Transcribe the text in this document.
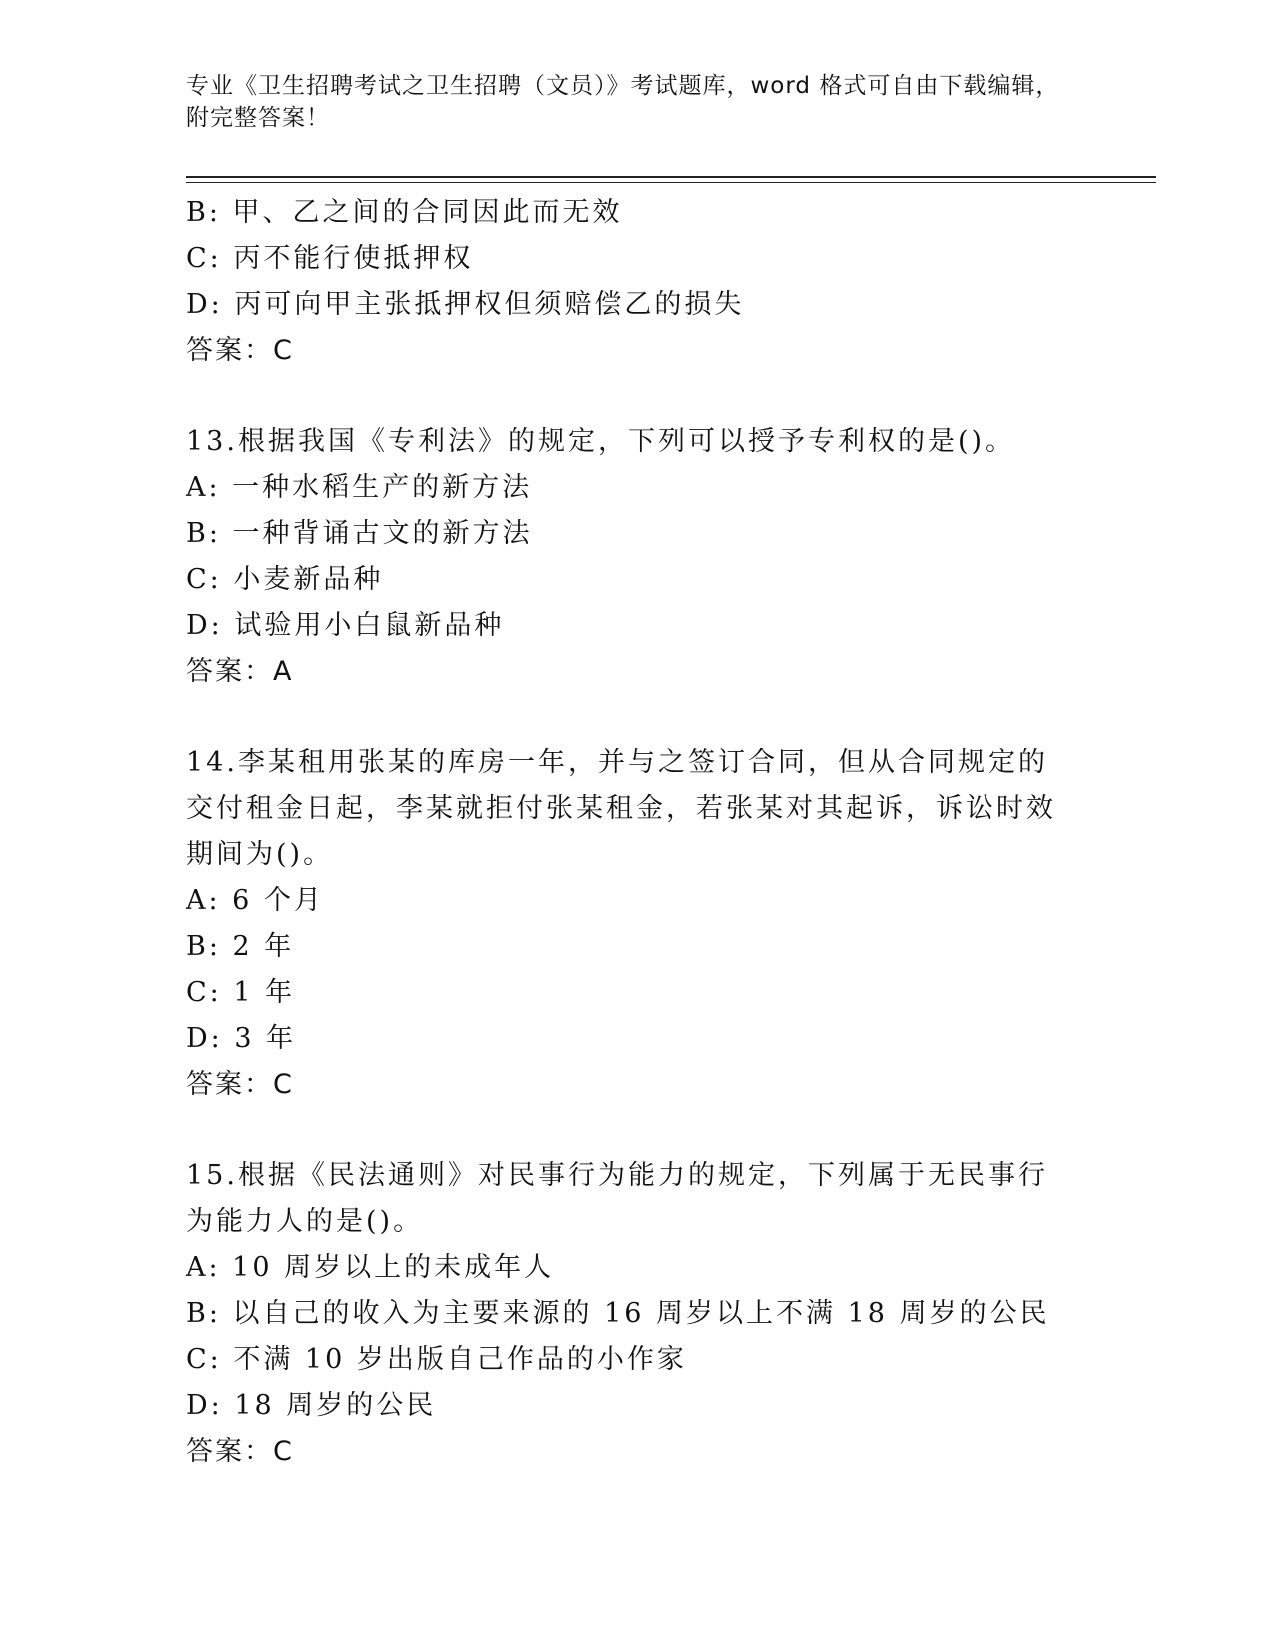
专业《卫生招聘考试之卫生招聘（文员）》考试题库，word 格式可自由下载编辑，附完整答案！
B: 甲、乙之间的合同因此而无效
C: 丙不能行使抵押权
D: 丙可向甲主张抵押权但须赔偿乙的损失
答案：C
13.根据我国《专利法》的规定，下列可以授予专利权的是()。
A: 一种水稻生产的新方法
B: 一种背诵古文的新方法
C: 小麦新品种
D: 试验用小白鼠新品种
答案：A
14.李某租用张某的库房一年，并与之签订合同，但从合同规定的交付租金日起，李某就拒付张某租金，若张某对其起诉，诉讼时效期间为()。
A: 6 个月
B: 2 年
C: 1 年
D: 3 年
答案：C
15.根据《民法通则》对民事行为能力的规定，下列属于无民事行为能力人的是()。
A: 10 周岁以上的未成年人
B: 以自己的收入为主要来源的 16 周岁以上不满 18 周岁的公民
C: 不满 10 岁出版自己作品的小作家
D: 18 周岁的公民
答案：C
